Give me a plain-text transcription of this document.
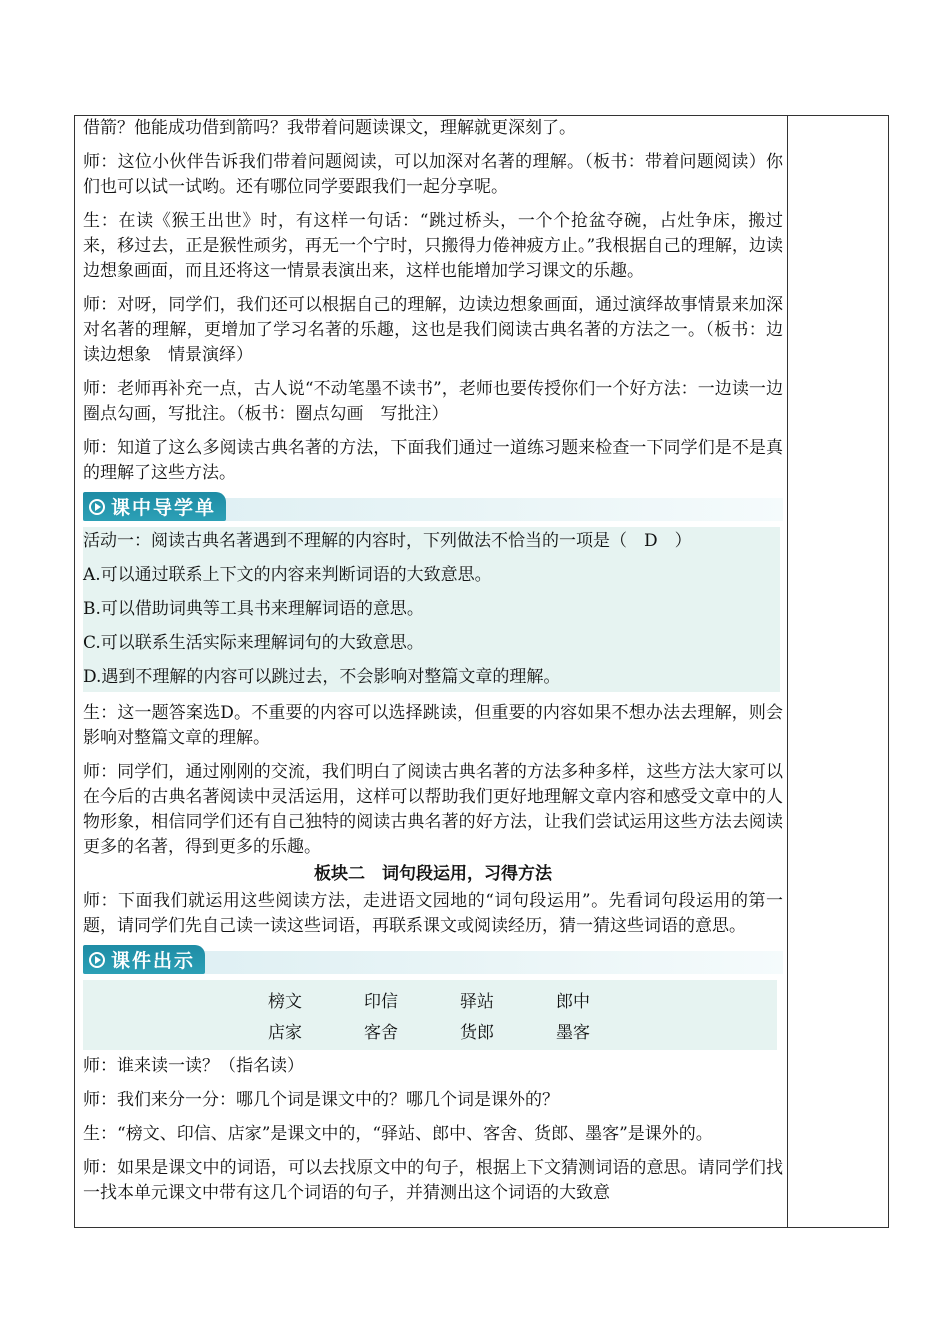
借箭？他能成功借到箭吗？我带着问题读课文，理解就更深刻了。

师：这位小伙伴告诉我们带着问题阅读，可以加深对名著的理解。（板书：带着问题阅读）你们也可以试一试哟。还有哪位同学要跟我们一起分享呢。

生：在读《猴王出世》时，有这样一句话：“跳过桥头，一个个抢盆夺碗，占灶争床，搬过来，移过去，正是猴性顽劣，再无一个宁时，只搬得力倦神疲方止。”我根据自己的理解，边读边想象画面，而且还将这一情景表演出来，这样也能增加学习课文的乐趣。

师：对呀，同学们，我们还可以根据自己的理解，边读边想象画面，通过演绎故事情景来加深对名著的理解，更增加了学习名著的乐趣，这也是我们阅读古典名著的方法之一。（板书：边读边想象　情景演绎）

师：老师再补充一点，古人说“不动笔墨不读书”，老师也要传授你们一个好方法：一边读一边圈点勾画，写批注。（板书：圈点勾画　写批注）

师：知道了这么多阅读古典名著的方法，下面我们通过一道练习题来检查一下同学们是不是真的理解了这些方法。

课中导学单

活动一：阅读古典名著遇到不理解的内容时，下列做法不恰当的一项是（　D　）

A.可以通过联系上下文的内容来判断词语的大致意思。

B.可以借助词典等工具书来理解词语的意思。

C.可以联系生活实际来理解词句的大致意思。

D.遇到不理解的内容可以跳过去，不会影响对整篇文章的理解。

生：这一题答案选D。不重要的内容可以选择跳读，但重要的内容如果不想办法去理解，则会影响对整篇文章的理解。

师：同学们，通过刚刚的交流，我们明白了阅读古典名著的方法多种多样，这些方法大家可以在今后的古典名著阅读中灵活运用，这样可以帮助我们更好地理解文章内容和感受文章中的人物形象，相信同学们还有自己独特的阅读古典名著的好方法，让我们尝试运用这些方法去阅读更多的名著，得到更多的乐趣。

板块二　词句段运用，习得方法

师：下面我们就运用这些阅读方法，走进语文园地的“词句段运用”。先看词句段运用的第一题，请同学们先自己读一读这些词语，再联系课文或阅读经历，猜一猜这些词语的意思。

课件出示
榜文	印信	驿站	郎中
店家	客舍	货郎	墨客

师：谁来读一读？（指名读）

师：我们来分一分：哪几个词是课文中的？哪几个词是课外的？

生：“榜文、印信、店家”是课文中的，“驿站、郎中、客舍、货郎、墨客”是课外的。

师：如果是课文中的词语，可以去找原文中的句子，根据上下文猜测词语的意思。请同学们找一找本单元课文中带有这几个词语的句子，并猜测出这个词语的大致意
